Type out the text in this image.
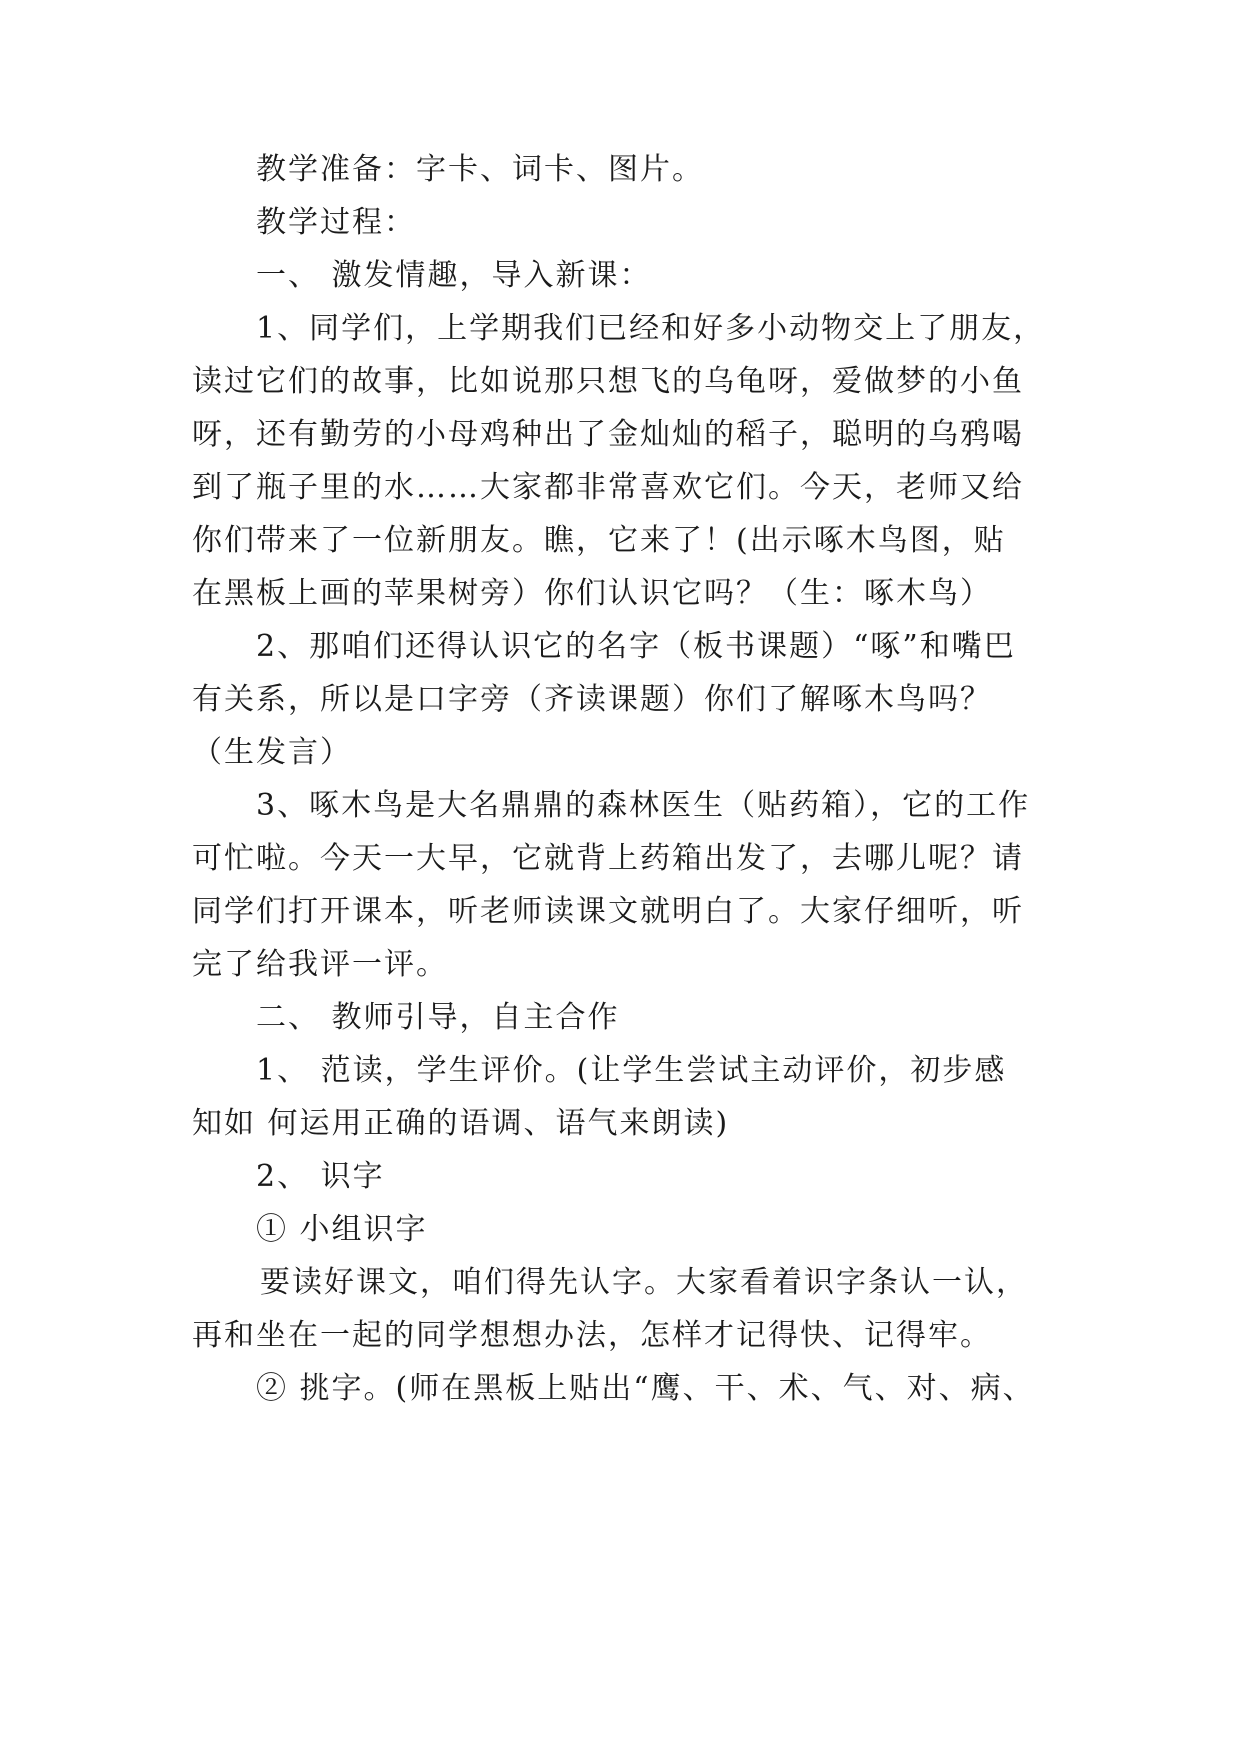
教学准备：字卡、词卡、图片。
教学过程：
一、 激发情趣，导入新课：
1、同学们，上学期我们已经和好多小动物交上了朋友，
读过它们的故事，比如说那只想飞的乌龟呀，爱做梦的小鱼
呀，还有勤劳的小母鸡种出了金灿灿的稻子，聪明的乌鸦喝
到了瓶子里的水……大家都非常喜欢它们。今天，老师又给
你们带来了一位新朋友。瞧，它来了！(出示啄木鸟图，贴
在黑板上画的苹果树旁）你们认识它吗？（生：啄木鸟）
2、那咱们还得认识它的名字（板书课题）“啄”和嘴巴
有关系，所以是口字旁（齐读课题）你们了解啄木鸟吗？
（生发言）
3、啄木鸟是大名鼎鼎的森林医生（贴药箱），它的工作
可忙啦。今天一大早，它就背上药箱出发了，去哪儿呢？请
同学们打开课本，听老师读课文就明白了。大家仔细听，听
完了给我评一评。
二、 教师引导，自主合作
1、 范读，学生评价。(让学生尝试主动评价，初步感
知如 何运用正确的语调、语气来朗读)
2、 识字
① 小组识字
要读好课文，咱们得先认字。大家看着识字条认一认，
再和坐在一起的同学想想办法，怎样才记得快、记得牢。
② 挑字。(师在黑板上贴出“鹰、干、术、气、对、病、
